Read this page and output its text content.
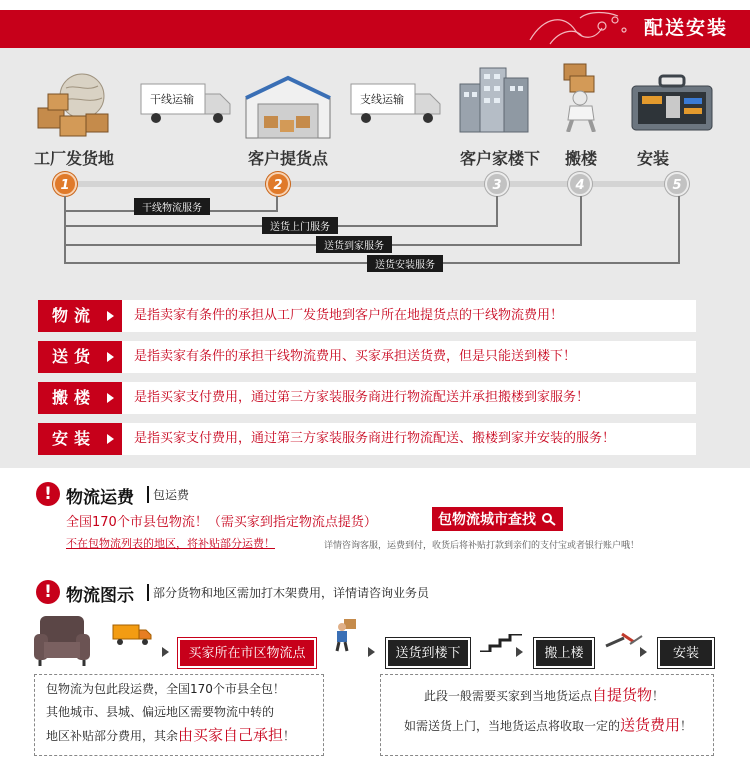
配送安装
工厂发货地
干线运输
客户提货点
支线运输
客户家楼下	搬楼	安装
1	2	3	4	5
干线物流服务
送货上门服务
送货到家服务
送货安装服务
物流	是指卖家有条件的承担从工厂发货地到客户所在地提货点的干线物流费用！
送货	是指卖家有条件的承担干线物流费用、买家承担送货费，但是只能送到楼下！
搬楼	是指买家支付费用，通过第三方家装服务商进行物流配送并承担搬楼到家服务！
安装	是指买家支付费用，通过第三方家装服务商进行物流配送、搬楼到家并安装的服务！
! 物流运费	包运费
全国170个市县包物流！（需买家到指定物流点提货）	包物流城市查找
不在包物流列表的地区，将补贴部分运费！	详情咨询客服，运费到付，收货后将补贴打款到亲们的支付宝或者银行账户哦！
! 物流图示	部分货物和地区需加打木架费用，详情请咨询业务员
买家所在市区物流点	送货到楼下	搬上楼	安装
包物流为包此段运费，全国170个市县全包！
其他城市、县城、偏远地区需要物流中转的
地区补贴部分费用，其余由买家自己承担！
此段一般需要买家到当地货运点自提货物！
如需送货上门，当地货运点将收取一定的送货费用！
